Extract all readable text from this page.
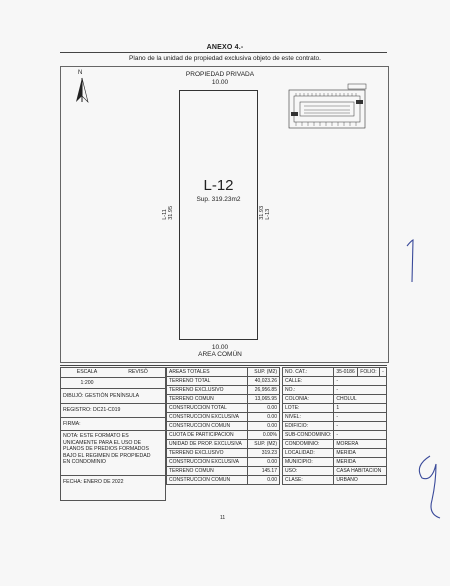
ANEXO 4.-
Plano de la unidad de propiedad exclusiva objeto de este contrato.
N	PROPIEDAD PRIVADA
10.00
L-12
Sup. 319.23m2
L-11
31.95	31.93
L-13
10.00
AREA COMÚN
ESCALA	REVISÓ
1:200
DIBUJÓ:
GESTIÓN PENÍNSULA
REGISTRO:
DC21-C019
FIRMA:
NOTA: ESTE FORMATO ES
UNICAMENTE PARA EL USO DE
PLANOS DE PREDIOS FORMADOS
BAJO EL REGIMEN DE PROPIEDAD
EN CONDOMINIO
FECHA:
ENERO DE 2022
AREAS TOTALES	SUP. (M2)
TERRENO TOTAL	40,023.26
TERRENO EXCLUSIVO	26,956.85
TERRENO COMUN	13,065.95
CONSTRUCCION TOTAL	0.00
CONSTRUCCION EXCLUSIVA	0.00
CONSTRUCCION COMUN	0.00
CUOTA DE PARTICIPACION	0.00%
UNIDAD DE PROP. EXCLUSIVA	SUP. (M2)
TERRENO EXCLUSIVO	319.23
CONSTRUCCION EXCLUSIVA	0.00
TERRENO COMUN	145.17
CONSTRUCCION COMUN	0.00
NO. CAT.:	35-0186	FOLIO:	-
CALLE:	-		
NO.:	-		
COLONIA:	CHOLUL		
LOTE:	1		
NIVEL:	-		
EDIFICIO:	-		
SUB-CONDOMINIO:	-		
CONDOMINIO:	MORERA		
LOCALIDAD:	MERIDA		
MUNICIPIO:	MERIDA		
USO:	CASA HABITACION		
CLASE:	URBANO		
11
